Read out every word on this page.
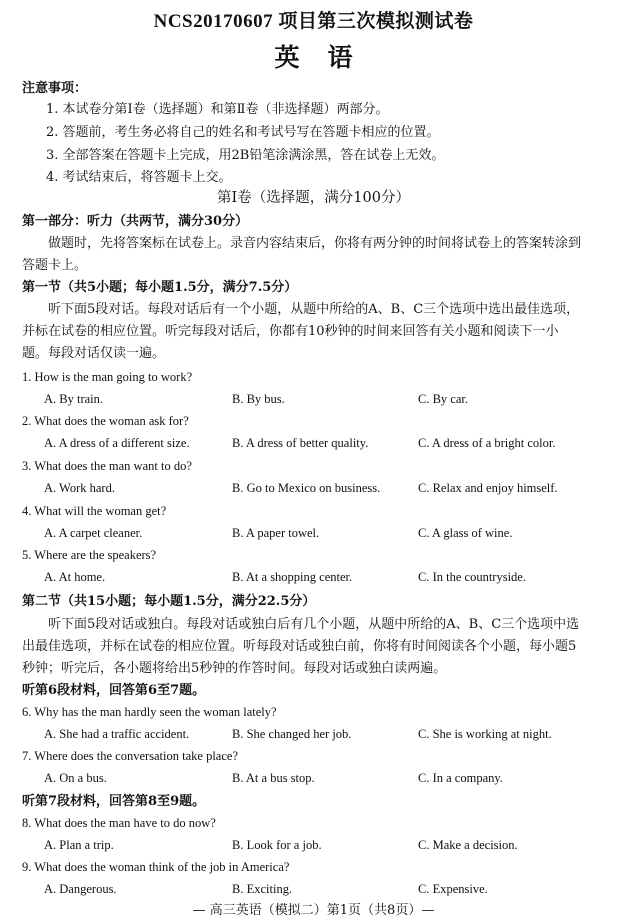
NCS20170607 项目第三次模拟测试卷
英语
注意事项：
1. 本试卷分第Ⅰ卷（选择题）和第Ⅱ卷（非选择题）两部分。
2. 答题前，考生务必将自己的姓名和考试号写在答题卡相应的位置。
3. 全部答案在答题卡上完成，用2B铅笔涂满涂黑，答在试卷上无效。
4. 考试结束后，将答题卡上交。
第Ⅰ卷（选择题，满分100分）
第一部分：听力（共两节，满分30分）
做题时，先将答案标在试卷上。录音内容结束后，你将有两分钟的时间将试卷上的答案转涂到
答题卡上。
第一节（共5小题；每小题1.5分，满分7.5分）
听下面5段对话。每段对话后有一个小题，从题中所给的A、B、C三个选项中选出最佳选项，
并标在试卷的相应位置。听完每段对话后，你都有10秒钟的时间来回答有关小题和阅读下一小
题。每段对话仅读一遍。
1. How is the man going to work?
A. By train.	B. By bus.	C. By car.
2. What does the woman ask for?
A. A dress of a different size.	B. A dress of better quality.	C. A dress of a bright color.
3. What does the man want to do?
A. Work hard.	B. Go to Mexico on business.	C. Relax and enjoy himself.
4. What will the woman get?
A. A carpet cleaner.	B. A paper towel.	C. A glass of wine.
5. Where are the speakers?
A. At home.	B. At a shopping center.	C. In the countryside.
第二节（共15小题；每小题1.5分，满分22.5分）
听下面5段对话或独白。每段对话或独白后有几个小题，从题中所给的A、B、C三个选项中选
出最佳选项，并标在试卷的相应位置。听每段对话或独白前，你将有时间阅读各个小题，每小题5
秒钟；听完后，各小题将给出5秒钟的作答时间。每段对话或独白读两遍。
听第6段材料，回答第6至7题。
6. Why has the man hardly seen the woman lately?
A. She had a traffic accident.	B. She changed her job.	C. She is working at night.
7. Where does the conversation take place?
A. On a bus.	B. At a bus stop.	C. In a company.
听第7段材料，回答第8至9题。
8. What does the man have to do now?
A. Plan a trip.	B. Look for a job.	C. Make a decision.
9. What does the woman think of the job in America?
A. Dangerous.	B. Exciting.	C. Expensive.
— 高三英语（模拟二）第1页（共8页）—
